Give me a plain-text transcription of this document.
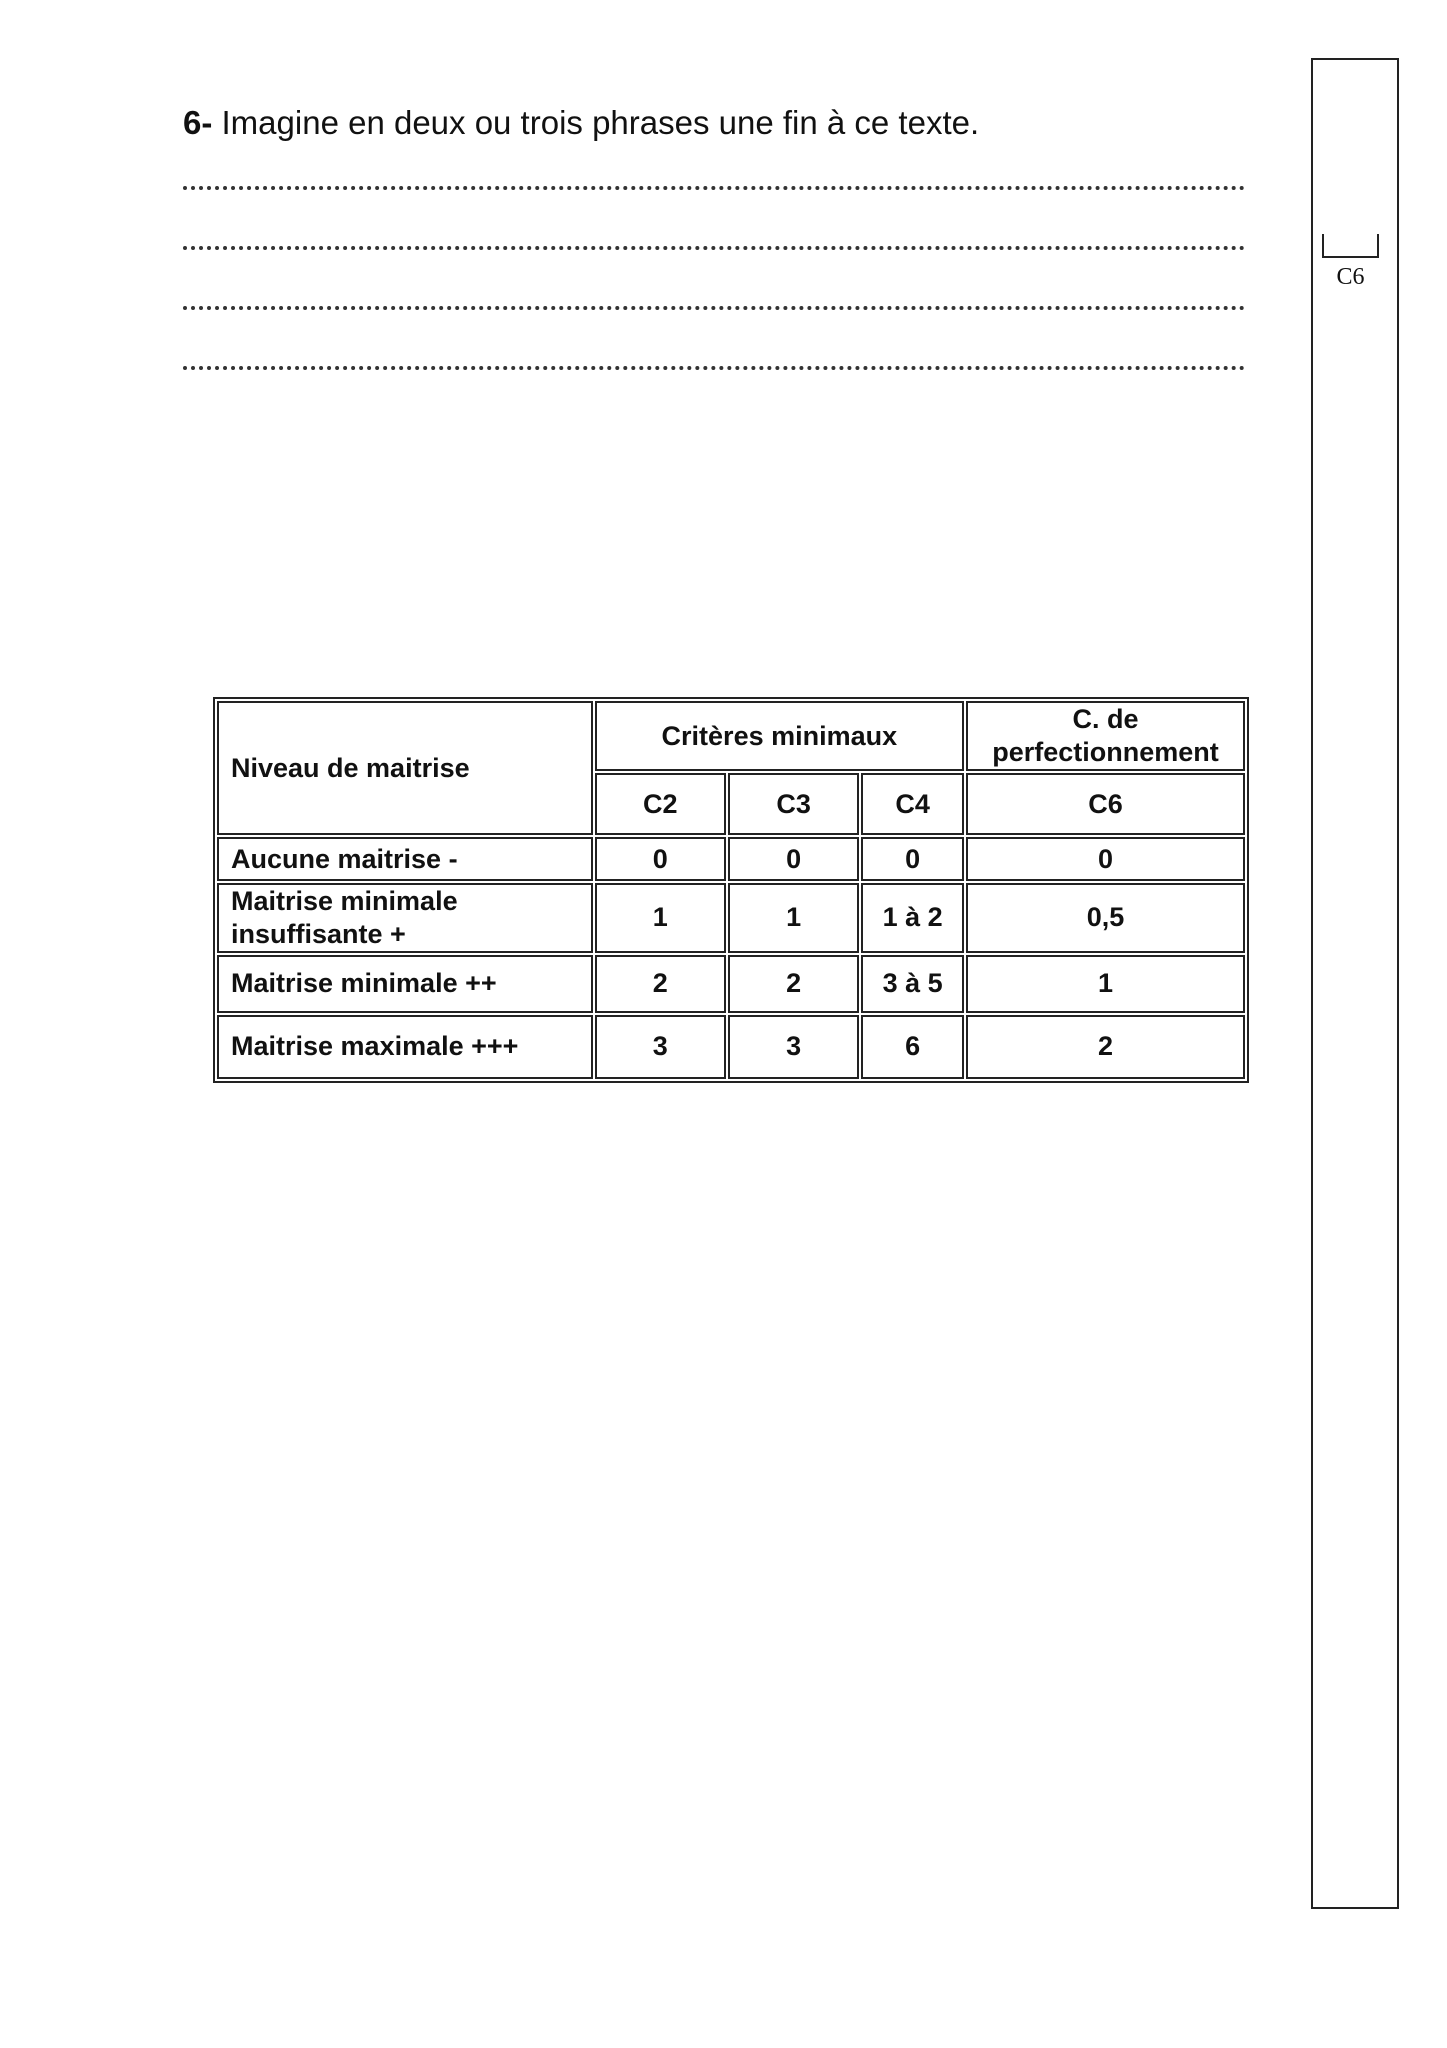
6- Imagine en deux ou trois phrases une fin à ce texte.
C6
Niveau de maitrise	Critères minimaux			C. de perfectionnement
	C2	C3	C4	C6
Aucune maitrise -	0	0	0	0
Maitrise minimale insuffisante +	1	1	1 à 2	0,5
Maitrise minimale ++	2	2	3 à 5	1
Maitrise maximale +++	3	3	6	2
